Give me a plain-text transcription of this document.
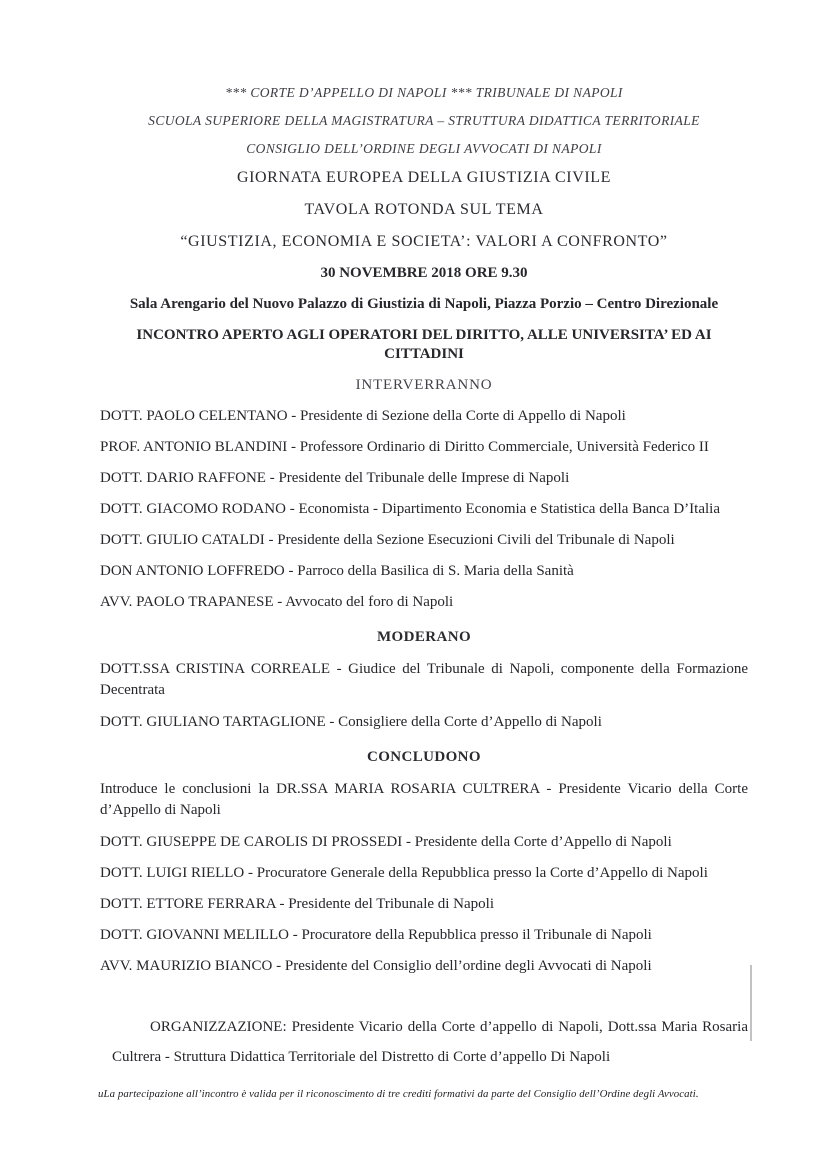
*** CORTE D’APPELLO DI NAPOLI *** TRIBUNALE DI NAPOLI
SCUOLA SUPERIORE DELLA MAGISTRATURA – STRUTTURA DIDATTICA TERRITORIALE
CONSIGLIO DELL’ORDINE DEGLI AVVOCATI DI NAPOLI
GIORNATA EUROPEA DELLA GIUSTIZIA CIVILE
TAVOLA ROTONDA SUL TEMA
“GIUSTIZIA, ECONOMIA E SOCIETA’: VALORI A CONFRONTO”
30 NOVEMBRE 2018 ORE 9.30
Sala Arengario del Nuovo Palazzo di Giustizia di Napoli, Piazza Porzio – Centro Direzionale
INCONTRO APERTO AGLI OPERATORI DEL DIRITTO, ALLE UNIVERSITA’ ED AI CITTADINI
INTERVERRANNO
DOTT. PAOLO CELENTANO - Presidente di Sezione della Corte di Appello di Napoli
PROF. ANTONIO BLANDINI - Professore Ordinario di Diritto Commerciale, Università Federico II
DOTT. DARIO RAFFONE - Presidente del Tribunale delle Imprese di Napoli
DOTT. GIACOMO RODANO - Economista - Dipartimento Economia e Statistica della Banca D’Italia
DOTT. GIULIO CATALDI - Presidente della Sezione Esecuzioni Civili del Tribunale di Napoli
DON ANTONIO LOFFREDO - Parroco della Basilica di S. Maria della Sanità
AVV. PAOLO TRAPANESE - Avvocato del foro di Napoli
MODERANO
DOTT.SSA CRISTINA CORREALE - Giudice del Tribunale di Napoli, componente della Formazione Decentrata
DOTT. GIULIANO TARTAGLIONE - Consigliere della Corte d’Appello di Napoli
CONCLUDONO
Introduce le conclusioni la DR.SSA MARIA ROSARIA CULTRERA - Presidente Vicario della Corte d’Appello di Napoli
DOTT. GIUSEPPE DE CAROLIS DI PROSSEDI - Presidente della Corte d’Appello di Napoli
DOTT. LUIGI RIELLO - Procuratore Generale della Repubblica presso la Corte d’Appello di Napoli
DOTT. ETTORE FERRARA - Presidente del Tribunale di Napoli
DOTT. GIOVANNI MELILLO - Procuratore della Repubblica presso il Tribunale di Napoli
AVV. MAURIZIO BIANCO - Presidente del Consiglio dell’ordine degli Avvocati di Napoli
ORGANIZZAZIONE: Presidente Vicario della Corte d’appello di Napoli, Dott.ssa Maria Rosaria Cultrera - Struttura Didattica Territoriale del Distretto di Corte d’appello Di Napoli
uLa partecipazione all’incontro è valida per il riconoscimento di tre crediti formativi da parte del Consiglio dell’Ordine degli Avvocati.
